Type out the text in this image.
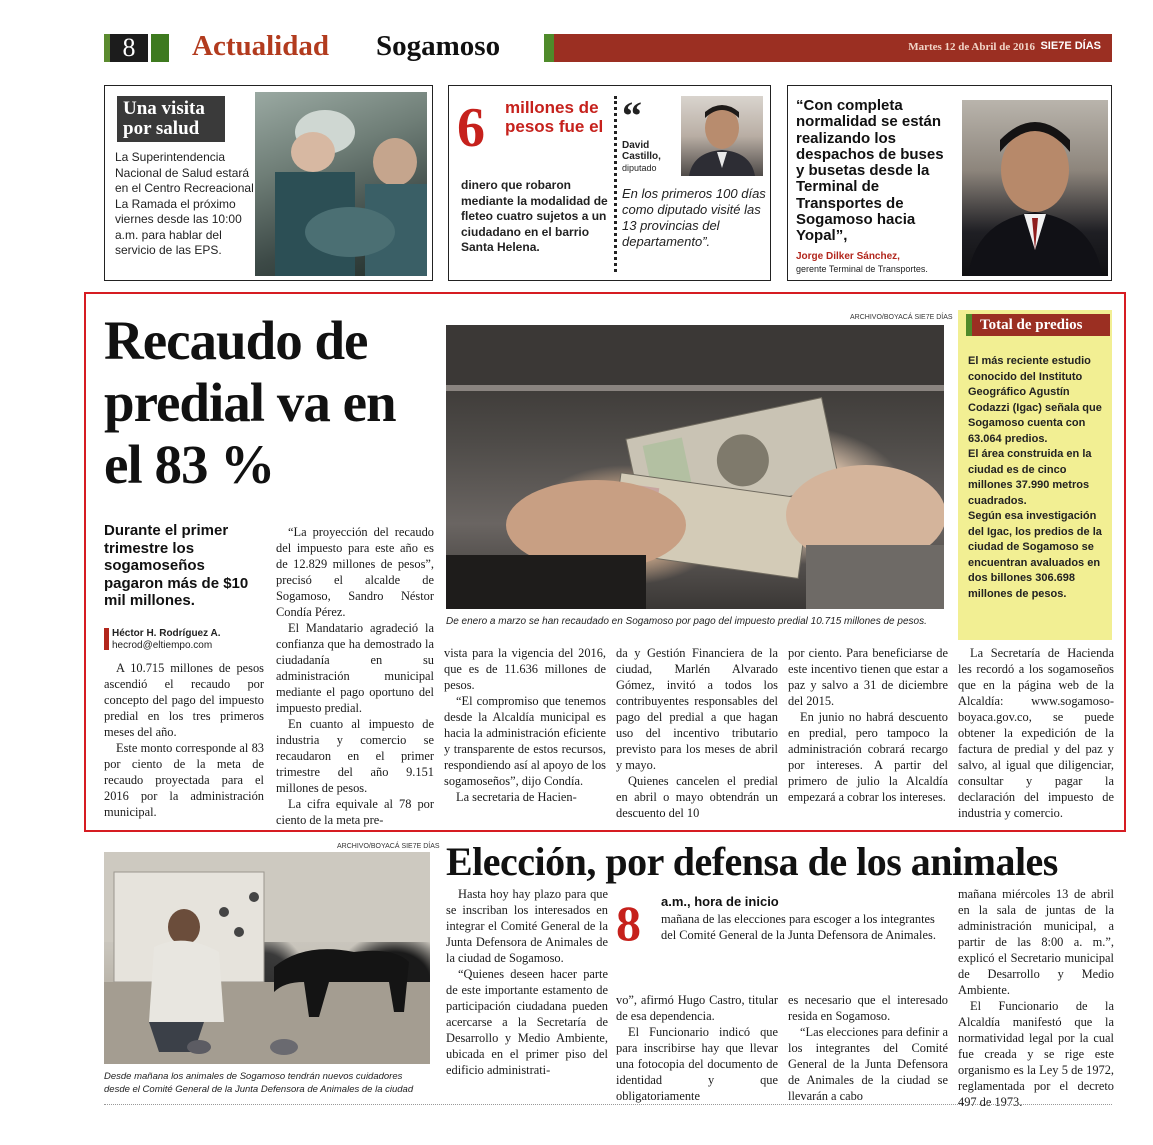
8	Actualidad Sogamoso	Martes 12 de Abril de 2016 SIE7E DÍAS
Una visita por salud
La Superintendencia Nacional de Salud estará en el Centro Recreacional La Ramada el próximo viernes desde las 10:00 a.m. para hablar del servicio de las EPS.
6 millones de pesos fue el
dinero que robaron mediante la modalidad de fleteo cuatro sujetos a un ciudadano en el barrio Santa Helena.
“
David Castillo,
diputado
En los primeros 100 días como diputado visité las 13 provincias del departamento”.
“Con completa normalidad se están realizando los despachos de buses y busetas desde la Terminal de Transportes de Sogamoso hacia Yopal”,
Jorge Dilker Sánchez,
gerente Terminal de Transportes.
Recaudo de predial va en el 83 %
Durante el primer trimestre los sogamoseños pagaron más de $10 mil millones.
Héctor H. Rodríguez A.
hecrod@eltiempo.com

A 10.715 millones de pesos ascendió el recaudo por concepto del pago del impuesto predial en los tres primeros meses del año.

Este monto corresponde al 83 por ciento de la meta de recaudo proyectada para el 2016 por la administración municipal.

“La proyección del recaudo del impuesto para este año es de 12.829 millones de pesos”, precisó el alcalde de Sogamoso, Sandro Néstor Condía Pérez.

El Mandatario agradeció la confianza que ha demostrado la ciudadanía en su administración municipal mediante el pago oportuno del impuesto predial.

En cuanto al impuesto de industria y comercio se recaudaron en el primer trimestre del año 9.151 millones de pesos.

La cifra equivale al 78 por ciento de la meta pre-

ARCHIVO/BOYACÁ SIE7E DÍAS
De enero a marzo se han recaudado en Sogamoso por pago del impuesto predial 10.715 millones de pesos.

vista para la vigencia del 2016, que es de 11.636 millones de pesos.

“El compromiso que tenemos desde la Alcaldía municipal es hacia la administración eficiente y transparente de estos recursos, respondiendo así al apoyo de los sogamoseños”, dijo Condía.

La secretaria de Hacien-

da y Gestión Financiera de la ciudad, Marlén Alvarado Gómez, invitó a todos los contribuyentes responsables del pago del predial a que hagan uso del incentivo tributario previsto para los meses de abril y mayo.

Quienes cancelen el predial en abril o mayo obtendrán un descuento del 10

por ciento. Para beneficiarse de este incentivo tienen que estar a paz y salvo a 31 de diciembre del 2015.

En junio no habrá descuento en predial, pero tampoco la administración cobrará recargo por intereses. A partir del primero de julio la Alcaldía empezará a cobrar los intereses.

Total de predios

El más reciente estudio conocido del Instituto Geográfico Agustín Codazzi (Igac) señala que Sogamoso cuenta con 63.064 predios.

El área construida en la ciudad es de cinco millones 37.990 metros cuadrados.

Según esa investigación del Igac, los predios de la ciudad de Sogamoso se encuentran avaluados en dos billones 306.698 millones de pesos.

La Secretaría de Hacienda les recordó a los sogamoseños que en la página web de la Alcaldía: www.sogamoso-boyaca.gov.co, se puede obtener la expedición de la factura de predial y del paz y salvo, al igual que diligenciar, consultar y pagar la declaración del impuesto de industria y comercio.

ARCHIVO/BOYACÁ SIE7E DÍAS
Desde mañana los animales de Sogamoso tendrán nuevos cuidadores desde el Comité General de la Junta Defensora de Animales de la ciudad
Elección, por defensa de los animales

Hasta hoy hay plazo para que se inscriban los interesados en integrar el Comité General de la Junta Defensora de Animales de la ciudad de Sogamoso.

“Quienes deseen hacer parte de este importante estamento de participación ciudadana pueden acercarse a la Secretaría de Desarrollo y Medio Ambiente, ubicada en el primer piso del edificio administrati-

8 a.m., hora de inicio
mañana de las elecciones para escoger a los integrantes del Comité General de la Junta Defensora de Animales.

vo”, afirmó Hugo Castro, titular de esa dependencia.

El Funcionario indicó que para inscribirse hay que llevar una fotocopia del documento de identidad y que obligatoriamente

es necesario que el interesado resida en Sogamoso.

“Las elecciones para definir a los integrantes del Comité General de la Junta Defensora de Animales de la ciudad se llevarán a cabo

mañana miércoles 13 de abril en la sala de juntas de la administración municipal, a partir de las 8:00 a. m.”, explicó el Secretario municipal de Desarrollo y Medio Ambiente.

El Funcionario de la Alcaldía manifestó que la normatividad legal por la cual fue creada y se rige este organismo es la Ley 5 de 1972, reglamentada por el decreto 497 de 1973.
